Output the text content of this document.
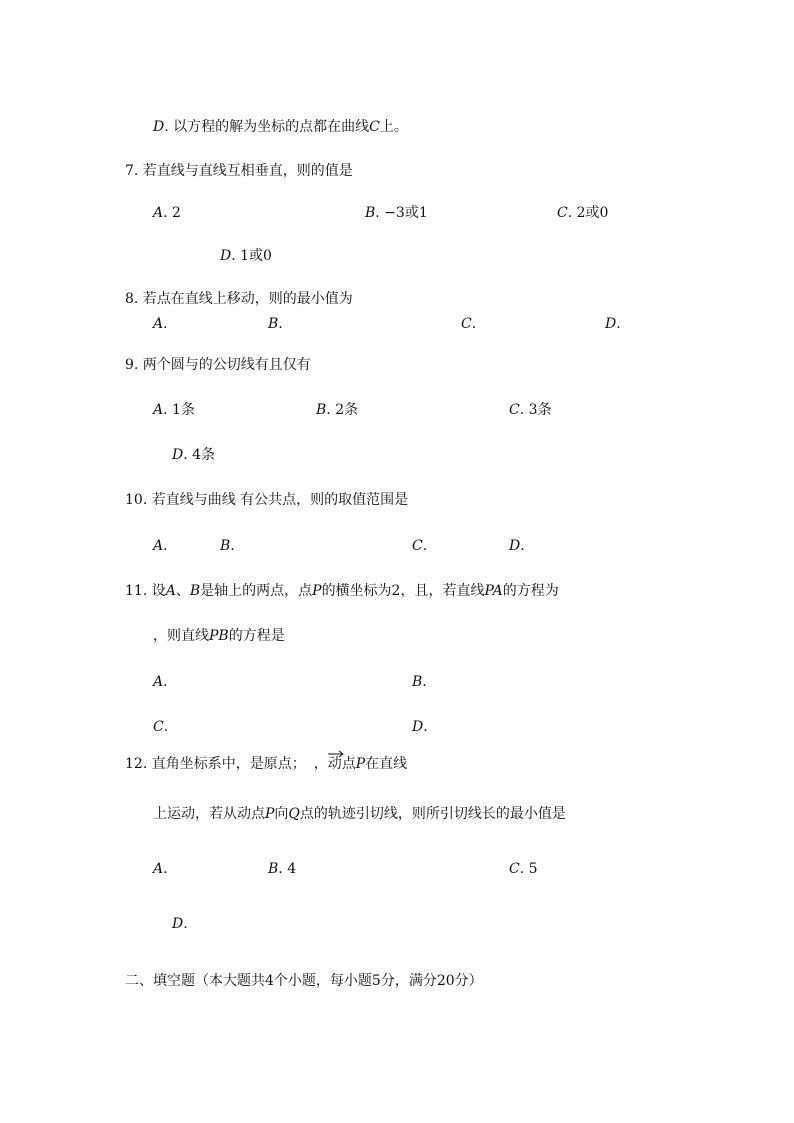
D. 以方程的解为坐标的点都在曲线C上。
7. 若直线与直线互相垂直，则的值是
A. 2	B. −3或1	C. 2或0
D. 1或0
8. 若点在直线上移动，则的最小值为
A.	B.	C.	D.
9. 两个圆与的公切线有且仅有
A. 1条	B. 2条	C. 3条
D. 4条
10. 若直线与曲线 有公共点，则的取值范围是
A.	B.	C.	D.
11. 设A、B是轴上的两点，点P的横坐标为2，且，若直线PA的方程为
，则直线PB的方程是
A.	B.
C.	D.
12. 直角坐标系中，是原点； ，动点P在直线
上运动，若从动点P向Q点的轨迹引切线，则所引切线长的最小值是
A.	B. 4	C. 5
D.
二、填空题（本大题共4个小题，每小题5分，满分20分）
